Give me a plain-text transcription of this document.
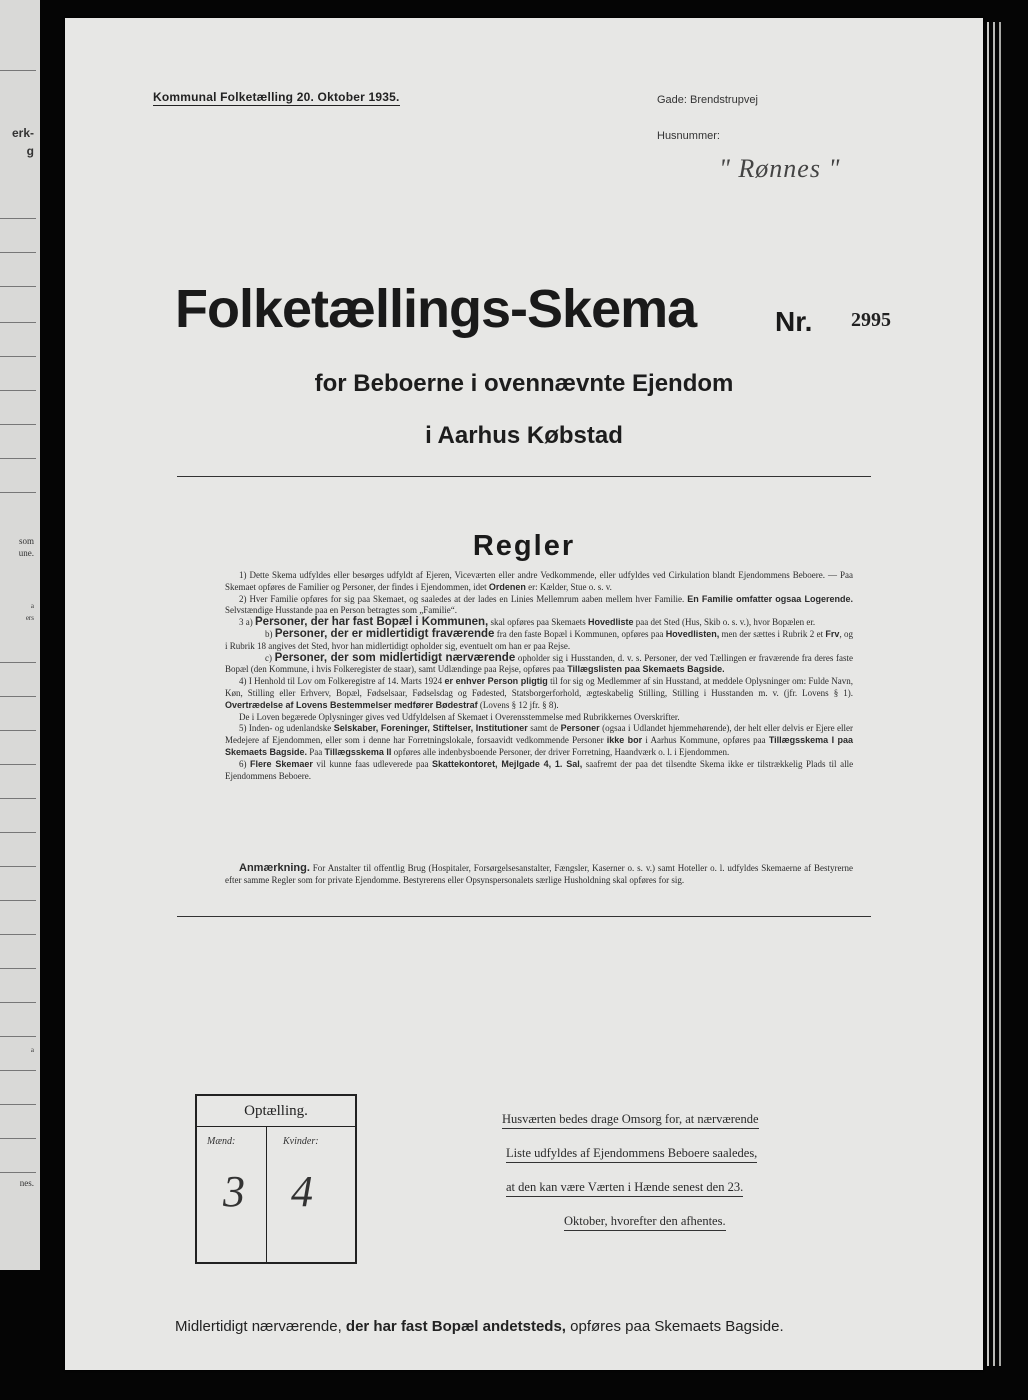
erk-
g
som
une.
a
ers
a
nes.
Kommunal Folketælling 20. Oktober 1935.	Gade: Brendstrupvej
Husnummer:
" Rønnes "
Folketællings-Skema	Nr. 2995
for Beboerne i ovennævnte Ejendom
i Aarhus Købstad
Regler

1) Dette Skema udfyldes eller besørges udfyldt af Ejeren, Viceværten eller andre Vedkommende, eller udfyldes ved Cirkulation blandt Ejendommens Beboere. — Paa Skemaet opføres de Familier og Personer, der findes i Ejendommen, idet Ordenen er: Kælder, Stue o. s. v.

2) Hver Familie opføres for sig paa Skemaet, og saaledes at der lades en Linies Mellemrum aaben mellem hver Familie. En Familie omfatter ogsaa Logerende. Selvstændige Husstande paa en Person betragtes som „Familie“.

3 a) Personer, der har fast Bopæl i Kommunen, skal opføres paa Skemaets Hovedliste paa det Sted (Hus, Skib o. s. v.), hvor Bopælen er.

b) Personer, der er midlertidigt fraværende fra den faste Bopæl i Kommunen, opføres paa Hovedlisten, men der sættes i Rubrik 2 et Frv, og i Rubrik 18 angives det Sted, hvor han midlertidigt opholder sig, eventuelt om han er paa Rejse.

c) Personer, der som midlertidigt nærværende opholder sig i Husstanden, d. v. s. Personer, der ved Tællingen er fraværende fra deres faste Bopæl (den Kommune, i hvis Folkeregister de staar), samt Udlændinge paa Rejse, opføres paa Tillægslisten paa Skemaets Bagside.

4) I Henhold til Lov om Folkeregistre af 14. Marts 1924 er enhver Person pligtig til for sig og Medlemmer af sin Husstand, at meddele Oplysninger om: Fulde Navn, Køn, Stilling eller Erhverv, Bopæl, Fødselsaar, Fødselsdag og Fødested, Statsborgerforhold, ægteskabelig Stilling, Stilling i Husstanden m. v. (jfr. Lovens § 1). Overtrædelse af Lovens Bestemmelser medfører Bødestraf (Lovens § 12 jfr. § 8).

De i Loven begærede Oplysninger gives ved Udfyldelsen af Skemaet i Overensstemmelse med Rubrikkernes Overskrifter.

5) Inden- og udenlandske Selskaber, Foreninger, Stiftelser, Institutioner samt de Personer (ogsaa i Udlandet hjemmehørende), der helt eller delvis er Ejere eller Medejere af Ejendommen, eller som i denne har Forretningslokale, forsaavidt vedkommende Personer ikke bor i Aarhus Kommune, opføres paa Tillægsskema I paa Skemaets Bagside. Paa Tillægsskema II opføres alle indenbysboende Personer, der driver Forretning, Haandværk o. l. i Ejendommen.

6) Flere Skemaer vil kunne faas udleverede paa Skattekontoret, Mejlgade 4, 1. Sal, saafremt der paa det tilsendte Skema ikke er tilstrækkelig Plads til alle Ejendommens Beboere.

Anmærkning. For Anstalter til offentlig Brug (Hospitaler, Forsørgelsesanstalter, Fængsler, Kaserner o. s. v.) samt Hoteller o. l. udfyldes Skemaerne af Bestyrerne efter samme Regler som for private Ejendomme. Bestyrerens eller Opsynspersonalets særlige Husholdning skal opføres for sig.

Optælling.
Mænd:	Kvinder:
3 4
Husværten bedes drage Omsorg for, at nærværende
Liste udfyldes af Ejendommens Beboere saaledes,
at den kan være Værten i Hænde senest den 23.
Oktober, hvorefter den afhentes.
Midlertidigt nærværende, der har fast Bopæl andetsteds, opføres paa Skemaets Bagside.
